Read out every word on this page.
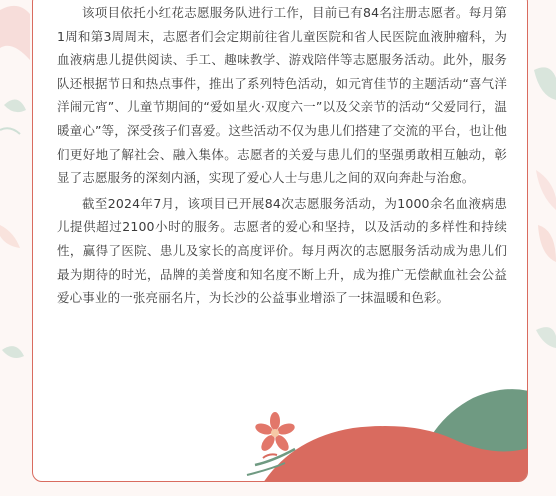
该项目依托小红花志愿服务队进行工作，目前已有84名注册志愿者。每月第1周和第3周周末，志愿者们会定期前往省儿童医院和省人民医院血液肿瘤科，为血液病患儿提供阅读、手工、趣味教学、游戏陪伴等志愿服务活动。此外，服务队还根据节日和热点事件，推出了系列特色活动，如元宵佳节的主题活动“喜气洋洋闹元宵”、儿童节期间的“爱如星火·双度六一”以及父亲节的活动“父爱同行，温暖童心”等，深受孩子们喜爱。这些活动不仅为患儿们搭建了交流的平台，也让他们更好地了解社会、融入集体。志愿者的关爱与患儿们的坚强勇敢相互触动，彰显了志愿服务的深刻内涵，实现了爱心人士与患儿之间的双向奔赴与治愈。

截至2024年7月，该项目已开展84次志愿服务活动，为1000余名血液病患儿提供超过2100小时的服务。志愿者的爱心和坚持，以及活动的多样性和持续性，赢得了医院、患儿及家长的高度评价。每月两次的志愿服务活动成为患儿们最为期待的时光，品牌的美誉度和知名度不断上升，成为推广无偿献血社会公益爱心事业的一张亮丽名片，为长沙的公益事业增添了一抹温暖和色彩。
